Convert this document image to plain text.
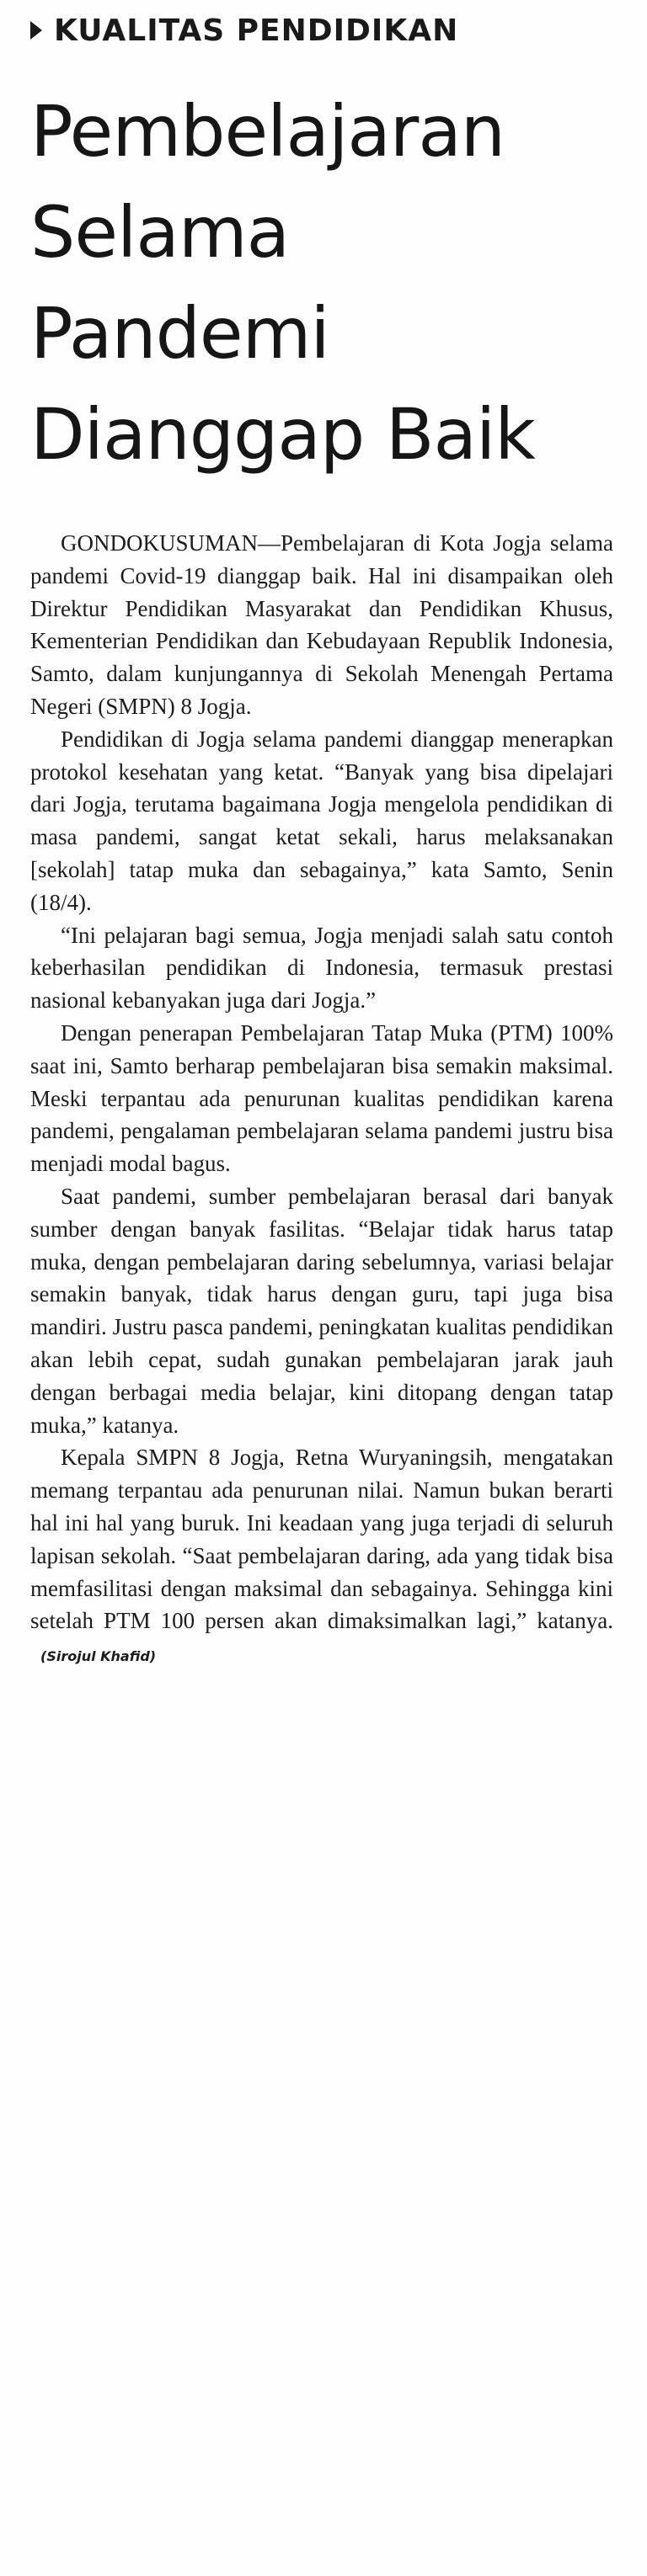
KUALITAS PENDIDIKAN
Pembelajaran
Selama
Pandemi
Dianggap Baik

GONDOKUSUMAN—Pembelajaran di Kota Jogja selama pandemi Covid-19 dianggap baik. Hal ini disampaikan oleh Direktur Pendidikan Masyarakat dan Pendidikan Khusus, Kementerian Pendidikan dan Kebudayaan Republik Indonesia, Samto, dalam kunjungannya di Sekolah Menengah Pertama Negeri (SMPN) 8 Jogja.

Pendidikan di Jogja selama pandemi dianggap menerapkan protokol kesehatan yang ketat. “Banyak yang bisa dipelajari dari Jogja, terutama bagaimana Jogja mengelola pendidikan di masa pandemi, sangat ketat sekali, harus melaksanakan [sekolah] tatap muka dan sebagainya,” kata Samto, Senin (18/4).

“Ini pelajaran bagi semua, Jogja menjadi salah satu contoh keberhasilan pendidikan di Indonesia, termasuk prestasi nasional kebanyakan juga dari Jogja.”

Dengan penerapan Pembelajaran Tatap Muka (PTM) 100% saat ini, Samto berharap pembelajaran bisa semakin maksimal. Meski terpantau ada penurunan kualitas pendidikan karena pandemi, pengalaman pembelajaran selama pandemi justru bisa menjadi modal bagus.

Saat pandemi, sumber pembelajaran berasal dari banyak sumber dengan banyak fasilitas. “Belajar tidak harus tatap muka, dengan pembelajaran daring sebelumnya, variasi belajar semakin banyak, tidak harus dengan guru, tapi juga bisa mandiri. Justru pasca pandemi, peningkatan kualitas pendidikan akan lebih cepat, sudah gunakan pembelajaran jarak jauh dengan berbagai media belajar, kini ditopang dengan tatap muka,” katanya.

Kepala SMPN 8 Jogja, Retna Wuryaningsih, mengatakan memang terpantau ada penurunan nilai. Namun bukan berarti hal ini hal yang buruk. Ini keadaan yang juga terjadi di seluruh lapisan sekolah. “Saat pembelajaran daring, ada yang tidak bisa memfasilitasi dengan maksimal dan sebagainya. Sehingga kini setelah PTM 100 persen akan dimaksimalkan lagi,” katanya.(Sirojul Khafid)
